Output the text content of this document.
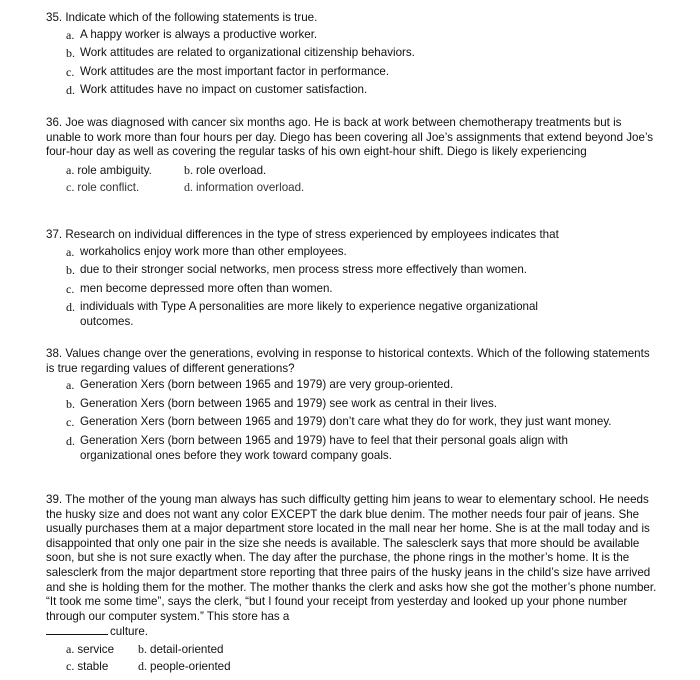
35. Indicate which of the following statements is true.

a. A happy worker is always a productive worker.
b. Work attitudes are related to organizational citizenship behaviors.
c. Work attitudes are the most important factor in performance.
d. Work attitudes have no impact on customer satisfaction.

36. Joe was diagnosed with cancer six months ago. He is back at work between chemotherapy treatments but is unable to work more than four hours per day. Diego has been covering all Joe’s assignments that extend beyond Joe’s four-hour day as well as covering the regular tasks of his own eight-hour shift. Diego is likely experiencing

a. role ambiguity.	b. role overload.
c. role conflict.	d. information overload.

37. Research on individual differences in the type of stress experienced by employees indicates that

a. workaholics enjoy work more than other employees.
b. due to their stronger social networks, men process stress more effectively than women.
c. men become depressed more often than women.
d. individuals with Type A personalities are more likely to experience negative organizational outcomes.

38. Values change over the generations, evolving in response to historical contexts. Which of the following statements is true regarding values of different generations?

a. Generation Xers (born between 1965 and 1979) are very group-oriented.
b. Generation Xers (born between 1965 and 1979) see work as central in their lives.
c. Generation Xers (born between 1965 and 1979) don’t care what they do for work, they just want money.
d. Generation Xers (born between 1965 and 1979) have to feel that their personal goals align with organizational ones before they work toward company goals.

39. The mother of the young man always has such difficulty getting him jeans to wear to elementary school. He needs the husky size and does not want any color EXCEPT the dark blue denim. The mother needs four pair of jeans. She usually purchases them at a major department store located in the mall near her home. She is at the mall today and is disappointed that only one pair in the size she needs is available. The salesclerk says that more should be available soon, but she is not sure exactly when. The day after the purchase, the phone rings in the mother’s home. It is the salesclerk from the major department store reporting that three pairs of the husky jeans in the child’s size have arrived and she is holding them for the mother. The mother thanks the clerk and asks how she got the mother’s phone number. “It took me some time”, says the clerk, “but I found your receipt from yesterday and looked up your phone number through our computer system.” This store has a

culture.
a. service b. detail-oriented
c. stable d. people-oriented
